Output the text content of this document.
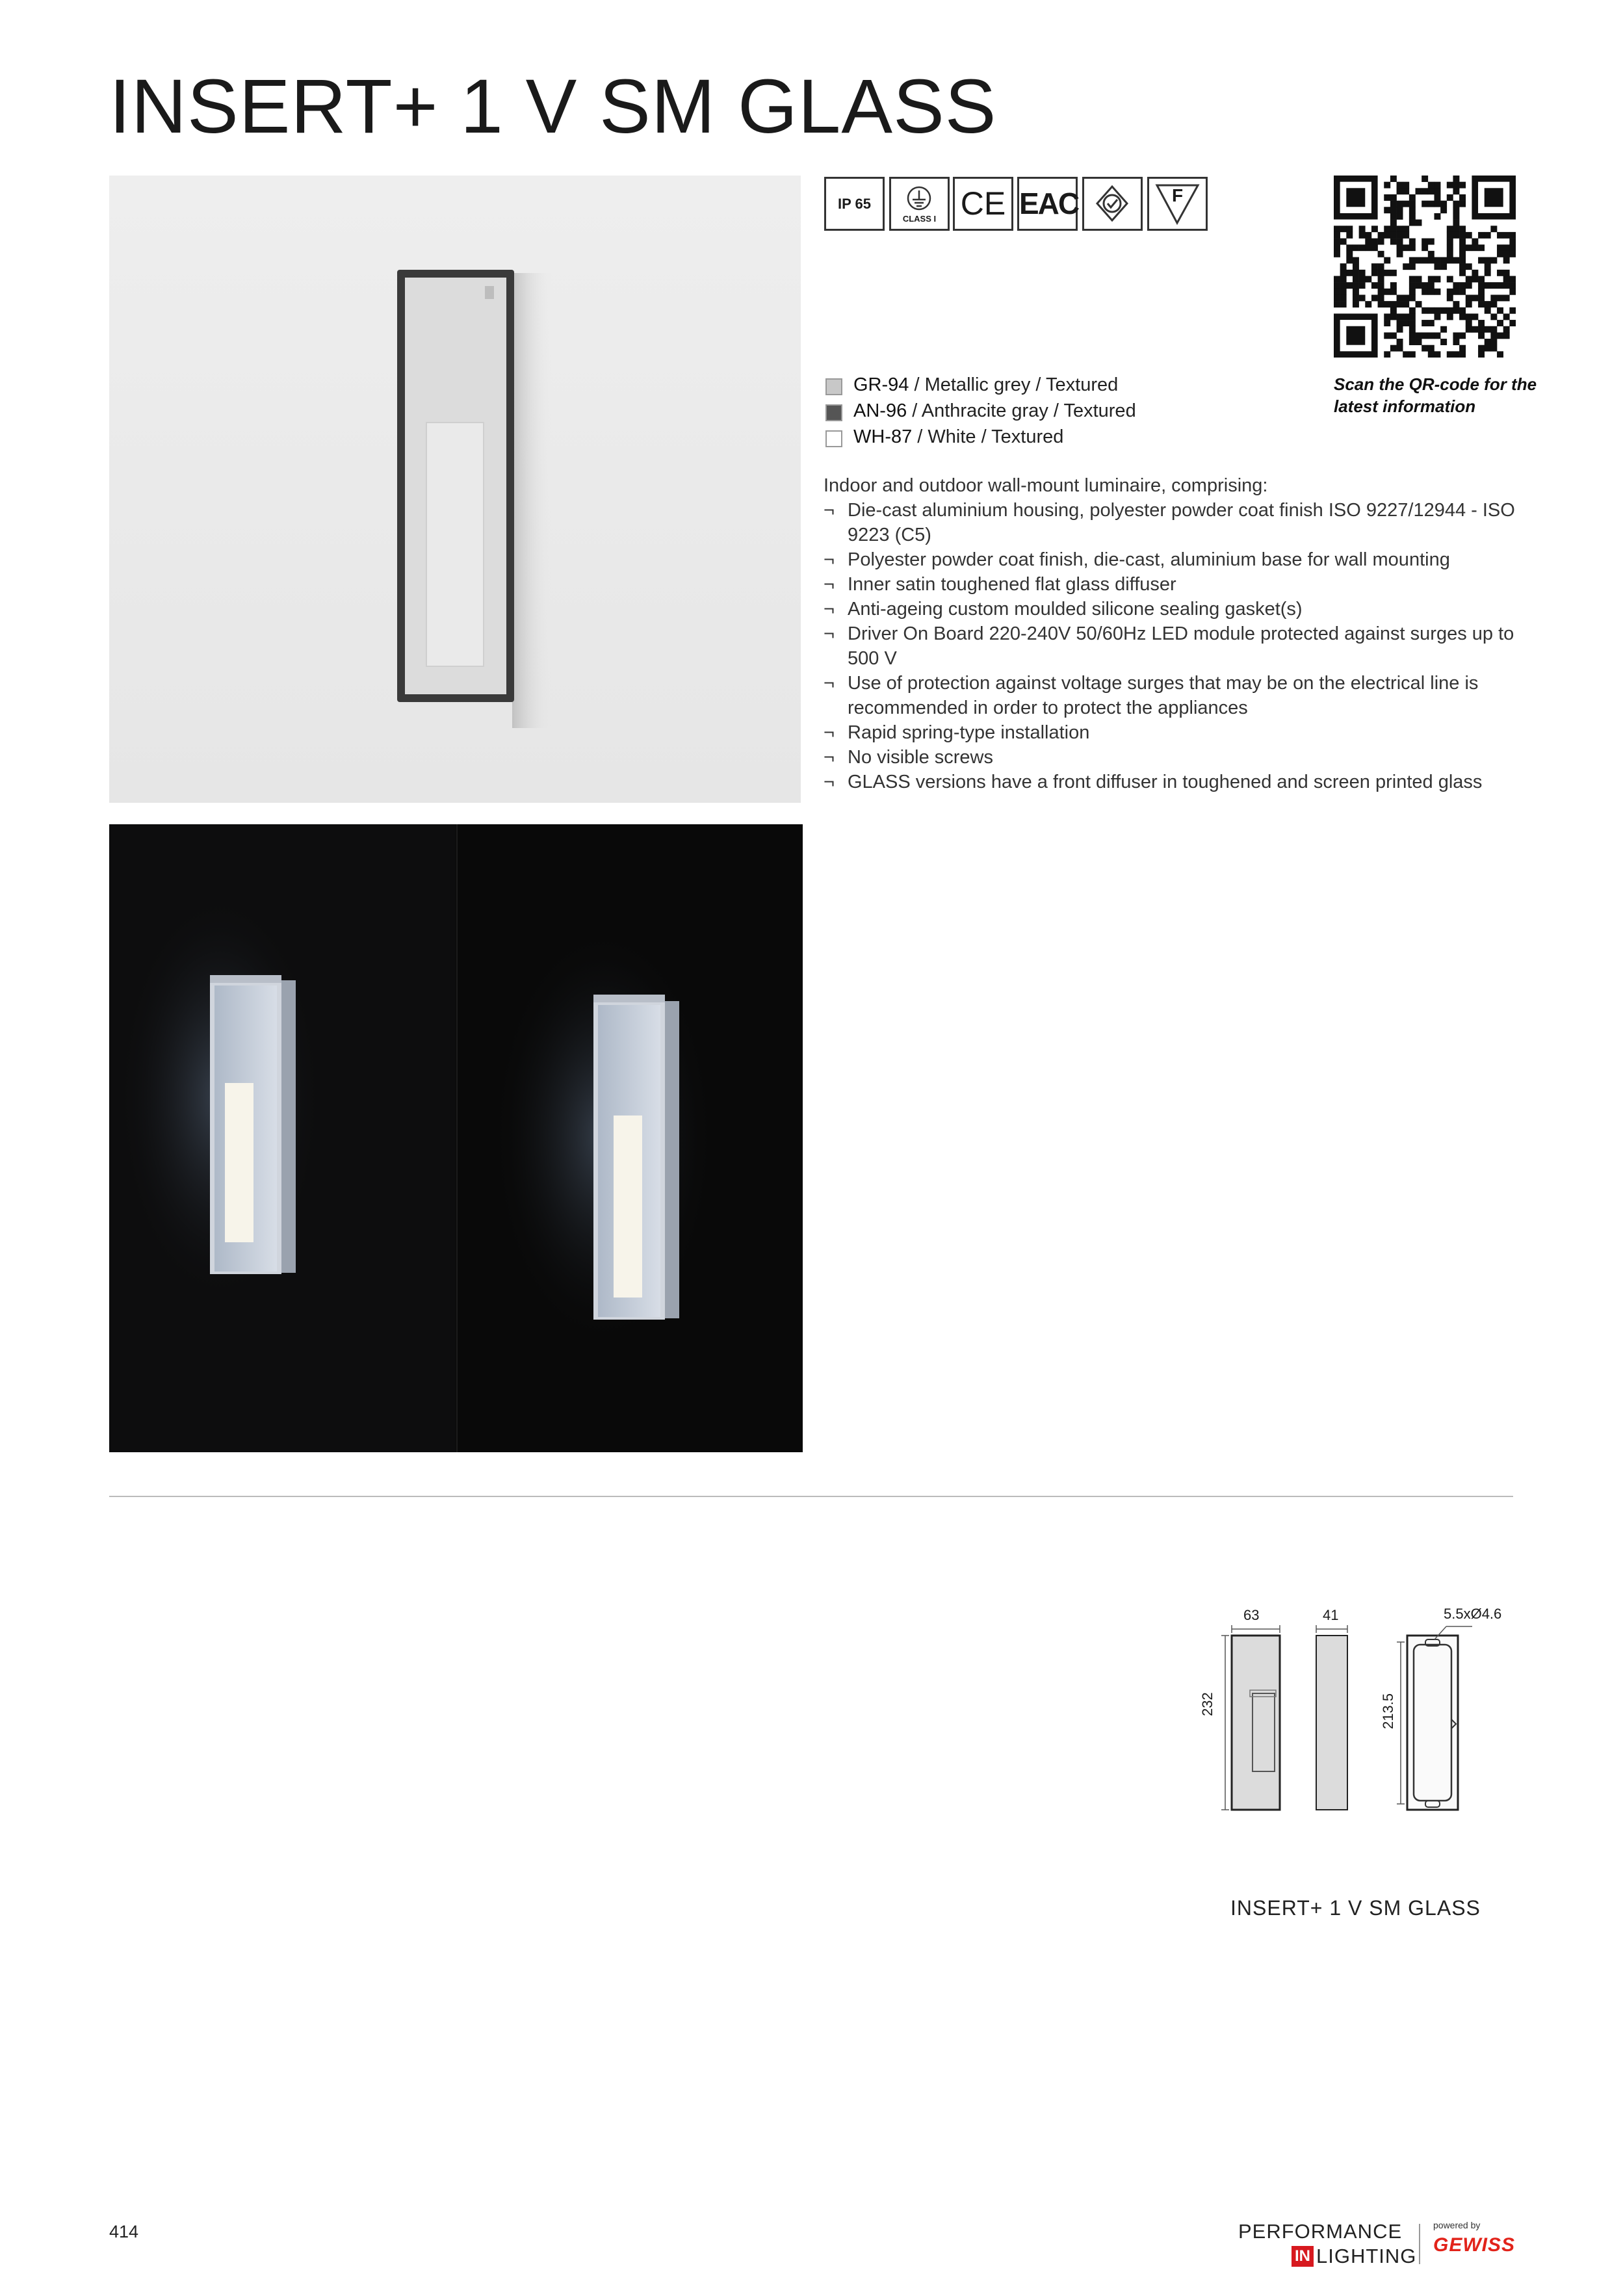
INSERT+ 1 V SM GLASS
IP 65
CLASS I CE EAC	F
Scan the QR-code for the latest information
GR-94 / Metallic grey / Textured
AN-96 / Anthracite gray / Textured
WH-87 / White / Textured
Indoor and outdoor wall-mount luminaire, comprising:
¬ Die-cast aluminium housing, polyester powder coat finish ISO 9227/12944 - ISO 9223 (C5)
¬ Polyester powder coat finish, die-cast, aluminium base for wall mounting
¬ Inner satin toughened flat glass diffuser
¬ Anti-ageing custom moulded silicone sealing gasket(s)
¬ Driver On Board 220-240V 50/60Hz LED module protected against surges up to 500 V
¬ Use of protection against voltage surges that may be on the electrical line is recommended in order to protect the appliances
¬ Rapid spring-type installation
¬ No visible screws
¬ GLASS versions have a front diffuser in toughened and screen printed glass
63	41	5.5xØ4.6
232	213.5
INSERT+ 1 V SM GLASS
414	PERFORMANCE
IN LIGHTING
powered by
GEWISS
